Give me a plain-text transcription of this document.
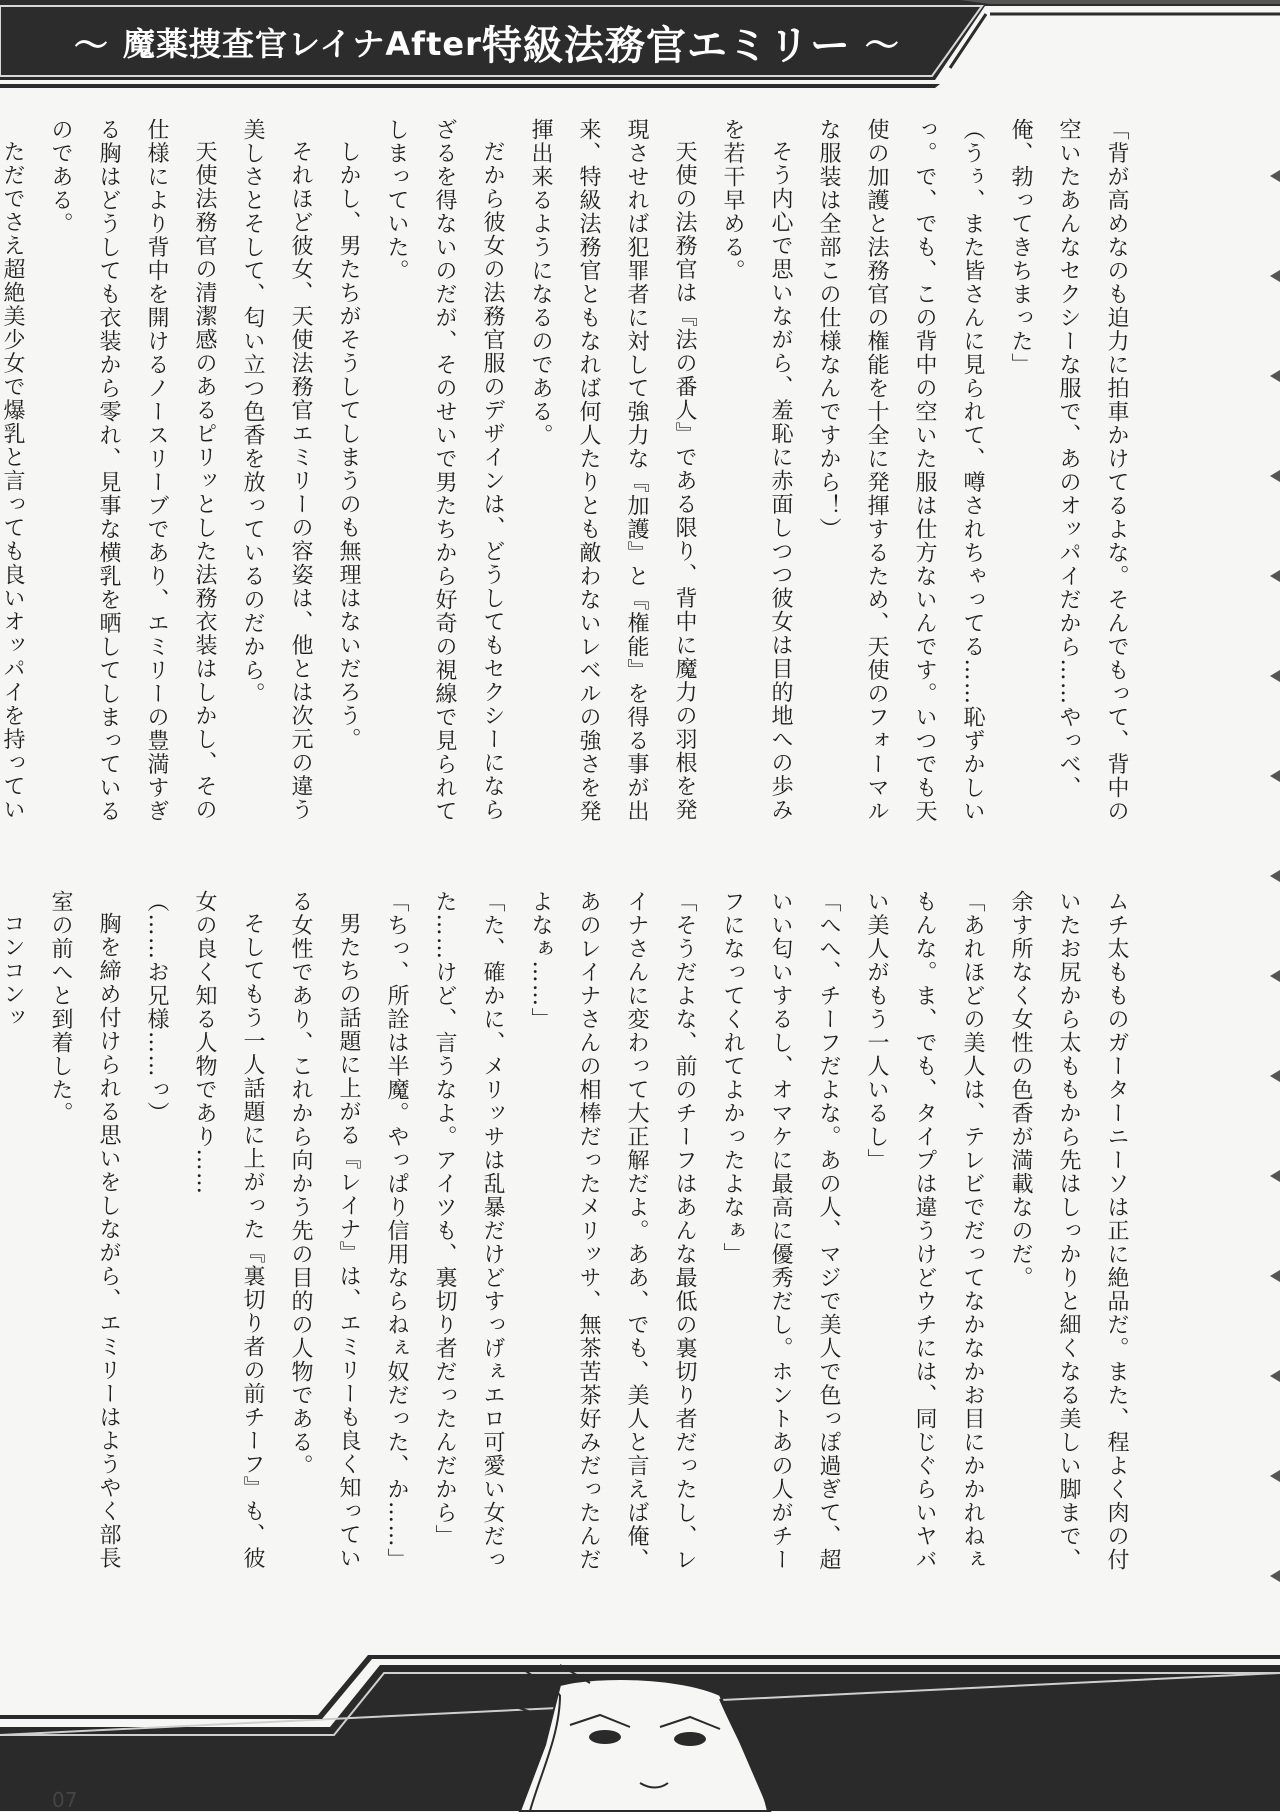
〜 魔薬捜査官レイナAfter 特級法務官エミリー 〜

「背が高めなのも迫力に拍車かけてるよな。そんでもって、背中の空いたあんなセクシーな服で、あのオッパイだから……やっべ、俺、勃ってきちまった」

（うぅ、また皆さんに見られて、噂されちゃってる……恥ずかしいっ。で、でも、この背中の空いた服は仕方ないんです。いつでも天使の加護と法務官の権能を十全に発揮するため、天使のフォーマルな服装は全部この仕様なんですから！）

そう内心で思いながら、羞恥に赤面しつつ彼女は目的地への歩みを若干早める。

天使の法務官は『法の番人』である限り、背中に魔力の羽根を発現させれば犯罪者に対して強力な『加護』と『権能』を得る事が出来、特級法務官ともなれば何人たりとも敵わないレベルの強さを発揮出来るようになるのである。

だから彼女の法務官服のデザインは、どうしてもセクシーにならざるを得ないのだが、そのせいで男たちから好奇の視線で見られてしまっていた。

しかし、男たちがそうしてしまうのも無理はないだろう。

それほど彼女、天使法務官エミリーの容姿は、他とは次元の違う美しさとそして、匂い立つ色香を放っているのだから。

天使法務官の清潔感のあるピリッとした法務衣装はしかし、その仕様により背中を開けるノースリーブであり、エミリーの豊満すぎる胸はどうしても衣装から零れ、見事な横乳を晒してしまっているのである。

ただでさえ超絶美少女で爆乳と言っても良いオッパイを持ってい

ムチ太もものガーターニーソは正に絶品だ。また、程よく肉の付いたお尻から太ももから先はしっかりと細くなる美しい脚まで、余す所なく女性の色香が満載なのだ。

「あれほどの美人は、テレビでだってなかなかお目にかかれねぇもんな。ま、でも、タイプは違うけどウチには、同じぐらいヤバい美人がもう一人いるし」

「へへ、チーフだよな。あの人、マジで美人で色っぽ過ぎて、超いい匂いするし、オマケに最高に優秀だし。ホントあの人がチーフになってくれてよかったよなぁ」

「そうだよな、前のチーフはあんな最低の裏切り者だったし、レイナさんに変わって大正解だよ。ああ、でも、美人と言えば俺、あのレイナさんの相棒だったメリッサ、無茶苦茶好みだったんだよなぁ……」

「た、確かに、メリッサは乱暴だけどすっげぇエロ可愛い女だった……けど、言うなよ。アイツも、裏切り者だったんだから」

「ちっ、所詮は半魔。やっぱり信用ならねぇ奴だった、か……」

男たちの話題に上がる『レイナ』は、エミリーも良く知っている女性であり、これから向かう先の目的の人物である。

そしてもう一人話題に上がった『裏切り者の前チーフ』も、彼女の良く知る人物であり……

（……お兄様……っ）

胸を締め付けられる思いをしながら、エミリーはようやく部長室の前へと到着した。

コンコンッ

07
